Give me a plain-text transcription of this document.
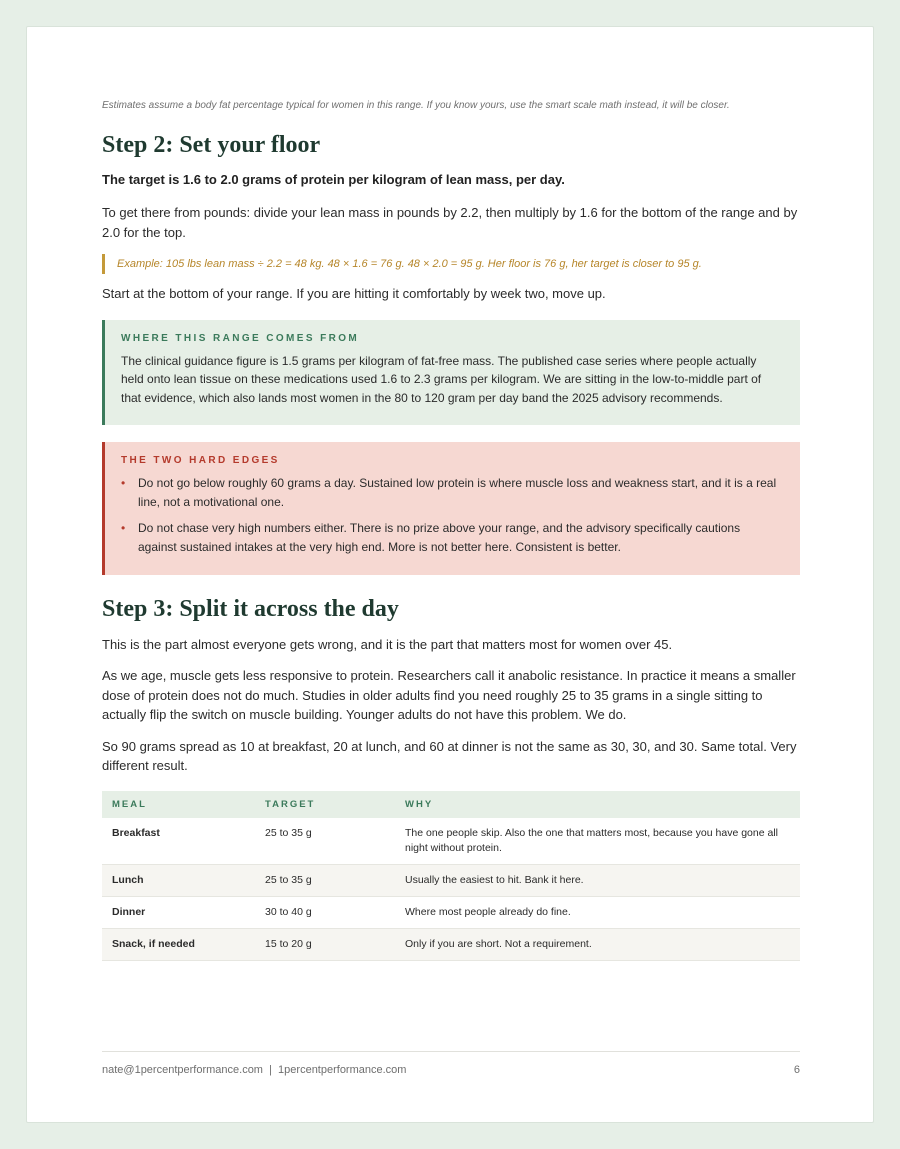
Estimates assume a body fat percentage typical for women in this range. If you know yours, use the smart scale math instead, it will be closer.

Step 2: Set your floor

The target is 1.6 to 2.0 grams of protein per kilogram of lean mass, per day.

To get there from pounds: divide your lean mass in pounds by 2.2, then multiply by 1.6 for the bottom of the range and by 2.0 for the top.

Example: 105 lbs lean mass ÷ 2.2 = 48 kg. 48 × 1.6 = 76 g. 48 × 2.0 = 95 g. Her floor is 76 g, her target is closer to 95 g.

Start at the bottom of your range. If you are hitting it comfortably by week two, move up.

WHERE THIS RANGE COMES FROM

The clinical guidance figure is 1.5 grams per kilogram of fat-free mass. The published case series where people actually held onto lean tissue on these medications used 1.6 to 2.3 grams per kilogram. We are sitting in the low-to-middle part of that evidence, which also lands most women in the 80 to 120 gram per day band the 2025 advisory recommends.

THE TWO HARD EDGES
• Do not go below roughly 60 grams a day. Sustained low protein is where muscle loss and weakness start, and it is a real line, not a motivational one.
• Do not chase very high numbers either. There is no prize above your range, and the advisory specifically cautions against sustained intakes at the very high end. More is not better here. Consistent is better.
Step 3: Split it across the day

This is the part almost everyone gets wrong, and it is the part that matters most for women over 45.

As we age, muscle gets less responsive to protein. Researchers call it anabolic resistance. In practice it means a smaller dose of protein does not do much. Studies in older adults find you need roughly 25 to 35 grams in a single sitting to actually flip the switch on muscle building. Younger adults do not have this problem. We do.

So 90 grams spread as 10 at breakfast, 20 at lunch, and 60 at dinner is not the same as 30, 30, and 30. Same total. Very different result.

MEAL	TARGET	WHY
Breakfast	25 to 35 g	The one people skip. Also the one that matters most, because you have gone all night without protein.
Lunch	25 to 35 g	Usually the easiest to hit. Bank it here.
Dinner	30 to 40 g	Where most people already do fine.
Snack, if needed	15 to 20 g	Only if you are short. Not a requirement.
nate@1percentperformance.com  |  1percentperformance.com	6
